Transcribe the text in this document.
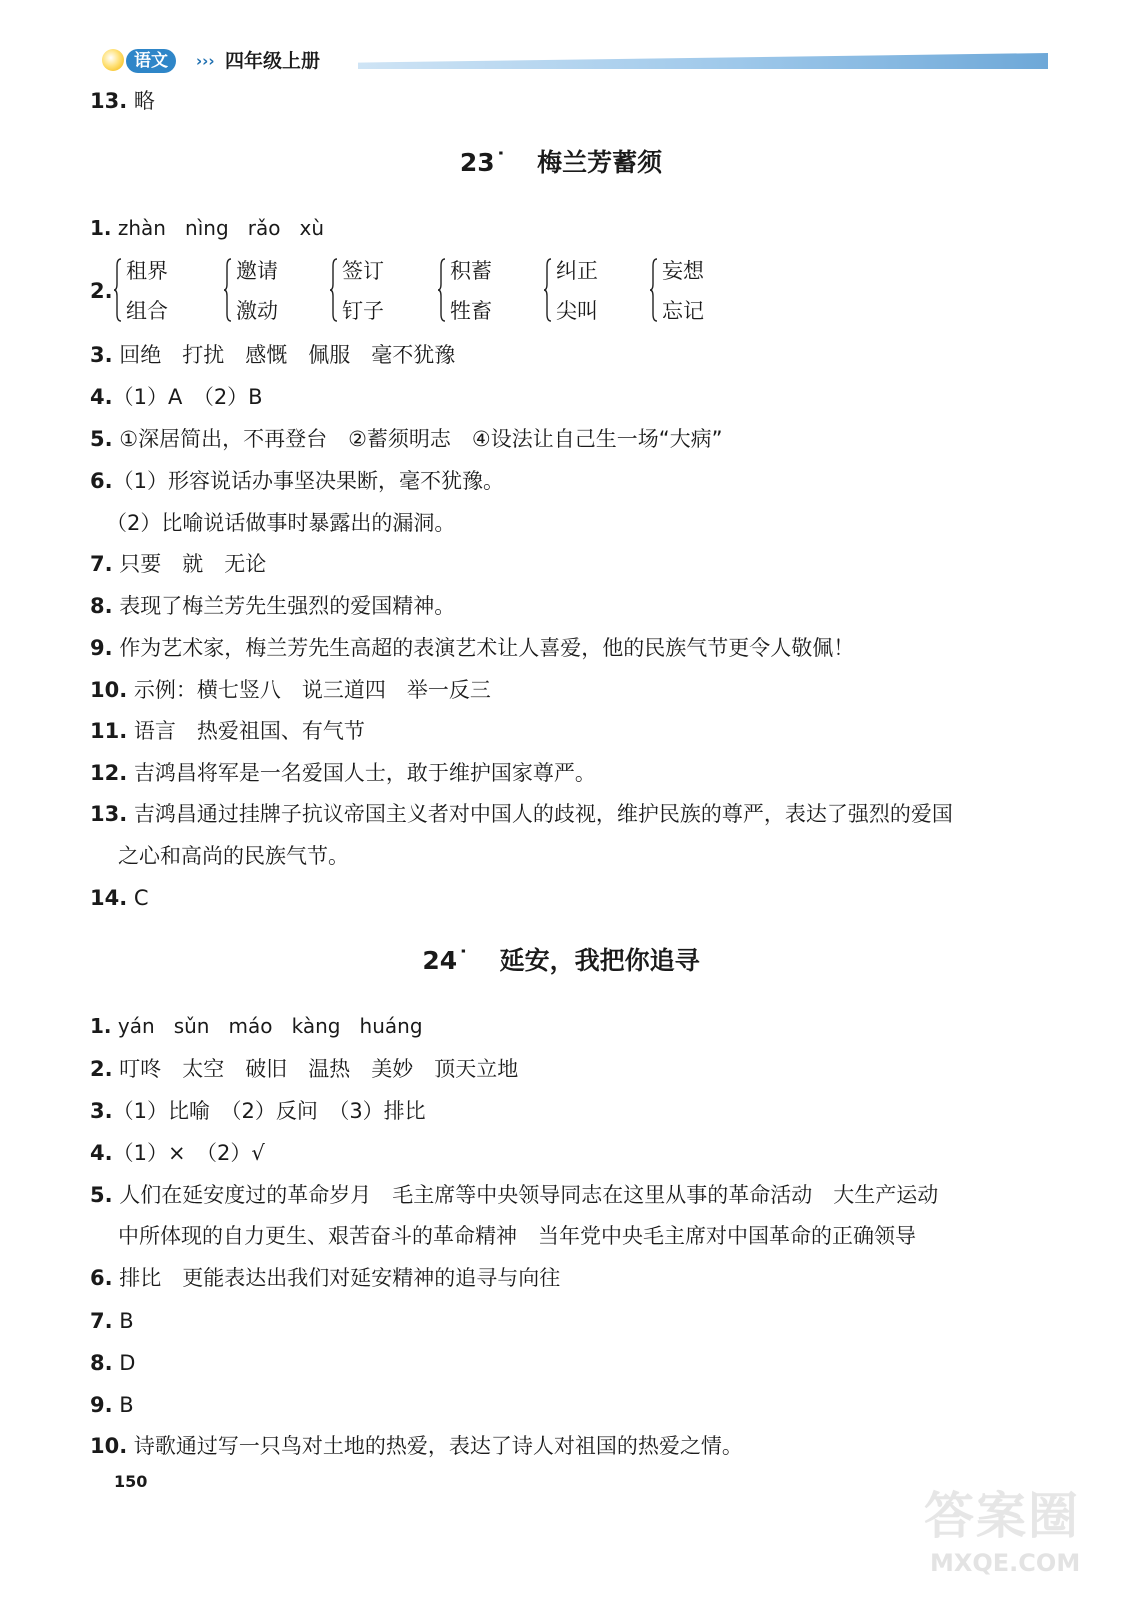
语文	››› 四年级上册
13. 略
23˙ 梅兰芳蓄须
1. zhàn   nìng   rǎo   xù
2.
租界
组合
邀请
激动
签订
钉子
积蓄
牲畜
纠正
尖叫
妄想
忘记
3. 回绝　打扰　感慨　佩服　毫不犹豫
4.（1）A　（2）B
5. ①深居简出，不再登台　②蓄须明志　④设法让自己生一场“大病”
6.（1）形容说话办事坚决果断，毫不犹豫。
（2）比喻说话做事时暴露出的漏洞。
7. 只要　就　无论
8. 表现了梅兰芳先生强烈的爱国精神。
9. 作为艺术家，梅兰芳先生高超的表演艺术让人喜爱，他的民族气节更令人敬佩！
10. 示例：横七竖八　说三道四　举一反三
11. 语言　热爱祖国、有气节
12. 吉鸿昌将军是一名爱国人士，敢于维护国家尊严。
13. 吉鸿昌通过挂牌子抗议帝国主义者对中国人的歧视，维护民族的尊严，表达了强烈的爱国
之心和高尚的民族气节。
14. C
24˙ 延安，我把你追寻
1. yán   sǔn   máo   kàng   huáng
2. 叮咚　太空　破旧　温热　美妙　顶天立地
3.（1）比喻　（2）反问　（3）排比
4.（1）×　（2）√
5. 人们在延安度过的革命岁月　毛主席等中央领导同志在这里从事的革命活动　大生产运动
中所体现的自力更生、艰苦奋斗的革命精神　当年党中央毛主席对中国革命的正确领导
6. 排比　更能表达出我们对延安精神的追寻与向往
7. B
8. D
9. B
10. 诗歌通过写一只鸟对土地的热爱，表达了诗人对祖国的热爱之情。
150
答案圈
MXQE.COM
